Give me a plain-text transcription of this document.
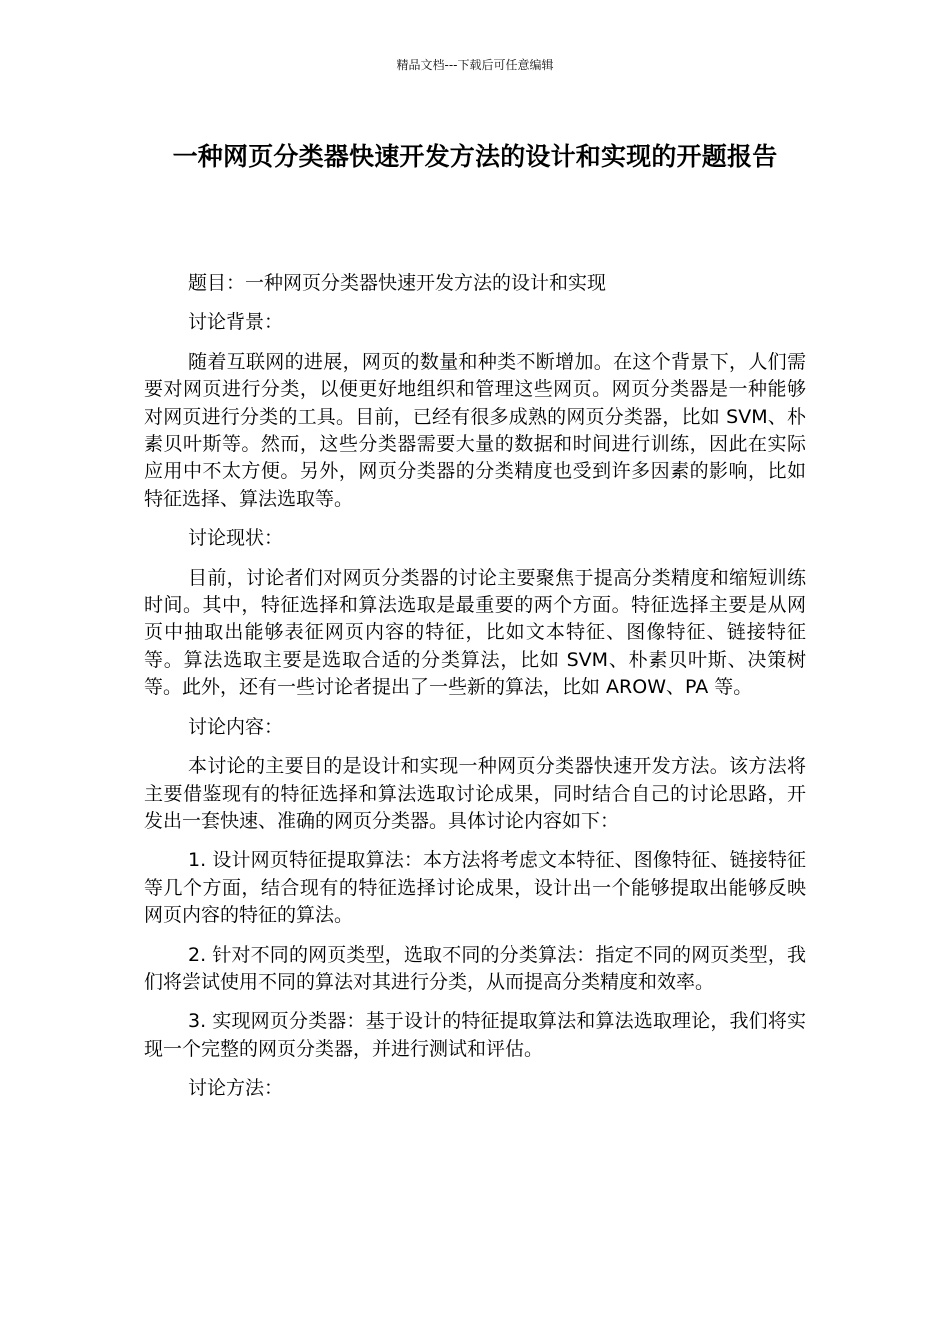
精品文档---下载后可任意编辑
一种网页分类器快速开发方法的设计和实现的开题报告

题目：一种网页分类器快速开发方法的设计和实现

讨论背景：

随着互联网的进展，网页的数量和种类不断增加。在这个背景下，人们需要对网页进行分类，以便更好地组织和管理这些网页。网页分类器是一种能够对网页进行分类的工具。目前，已经有很多成熟的网页分类器，比如 SVM、朴素贝叶斯等。然而，这些分类器需要大量的数据和时间进行训练，因此在实际应用中不太方便。另外，网页分类器的分类精度也受到许多因素的影响，比如特征选择、算法选取等。

讨论现状：

目前，讨论者们对网页分类器的讨论主要聚焦于提高分类精度和缩短训练时间。其中，特征选择和算法选取是最重要的两个方面。特征选择主要是从网页中抽取出能够表征网页内容的特征，比如文本特征、图像特征、链接特征等。算法选取主要是选取合适的分类算法，比如 SVM、朴素贝叶斯、决策树等。此外，还有一些讨论者提出了一些新的算法，比如 AROW、PA 等。

讨论内容：

本讨论的主要目的是设计和实现一种网页分类器快速开发方法。该方法将主要借鉴现有的特征选择和算法选取讨论成果，同时结合自己的讨论思路，开发出一套快速、准确的网页分类器。具体讨论内容如下：

1. 设计网页特征提取算法：本方法将考虑文本特征、图像特征、链接特征等几个方面，结合现有的特征选择讨论成果，设计出一个能够提取出能够反映网页内容的特征的算法。

2. 针对不同的网页类型，选取不同的分类算法：指定不同的网页类型，我们将尝试使用不同的算法对其进行分类，从而提高分类精度和效率。

3. 实现网页分类器：基于设计的特征提取算法和算法选取理论，我们将实现一个完整的网页分类器，并进行测试和评估。

讨论方法：
